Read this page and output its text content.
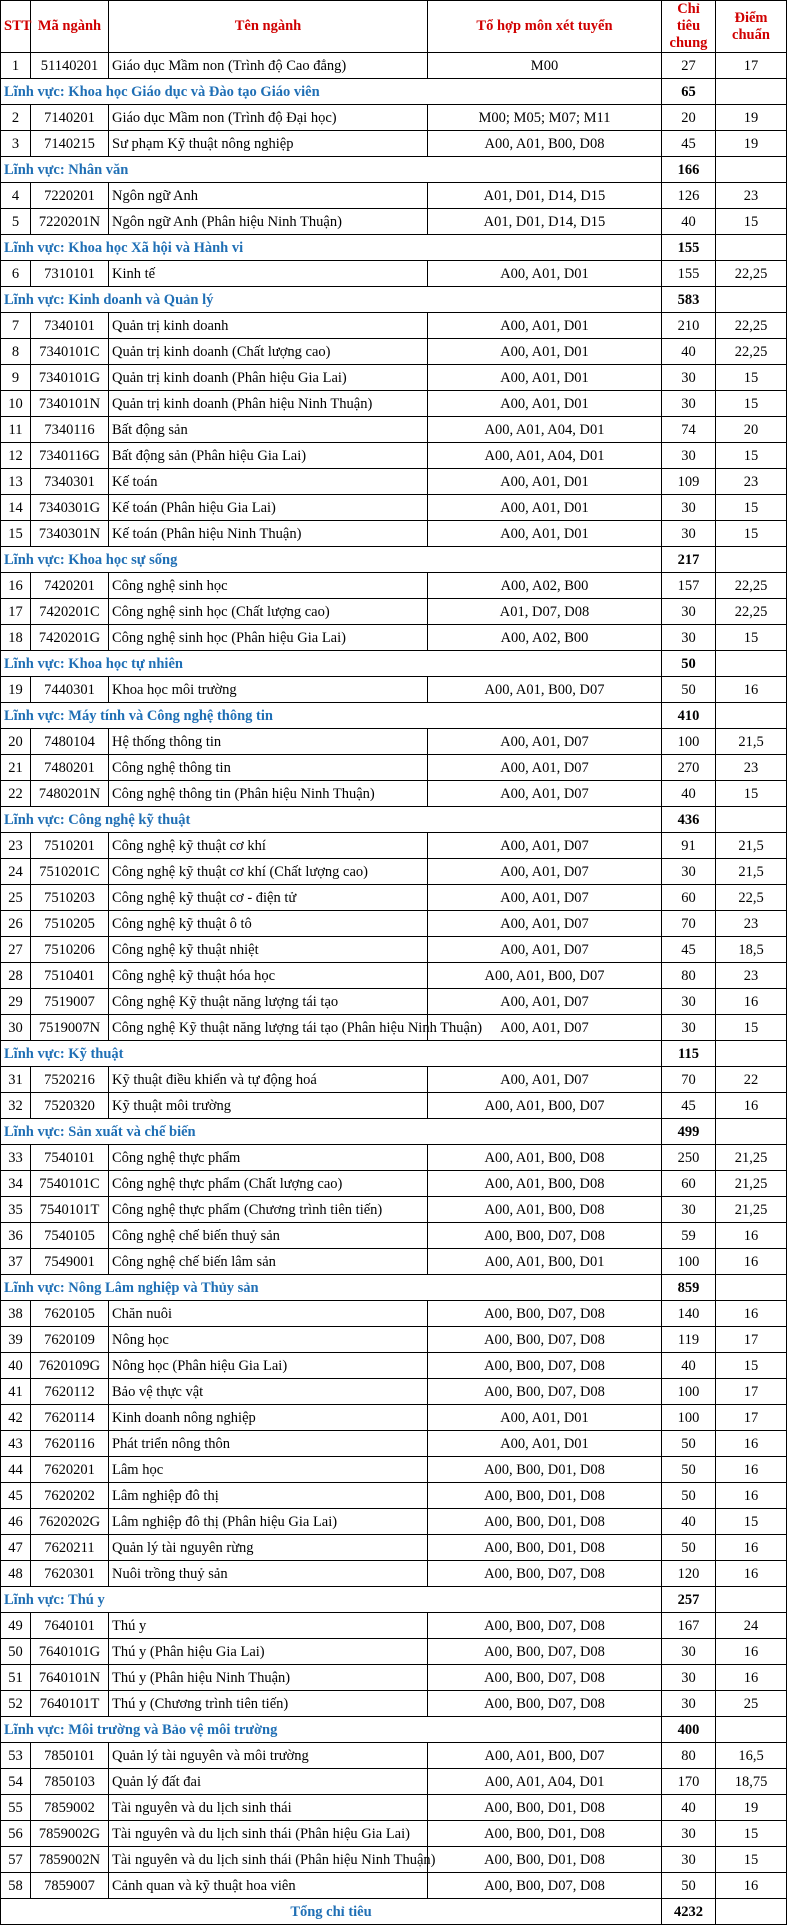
STT	Mã ngành	Tên ngành	Tổ hợp môn xét tuyển	Chỉ tiêu chung	Điểm chuẩn
1	51140201	Giáo dục Mầm non (Trình độ Cao đẳng)	M00	27	17
Lĩnh vực: Khoa học Giáo dục và Đào tạo Giáo viên				65	
2	7140201	Giáo dục Mầm non (Trình độ Đại học)	M00; M05; M07; M11	20	19
3	7140215	Sư phạm Kỹ thuật nông nghiệp	A00, A01, B00, D08	45	19
Lĩnh vực: Nhân văn				166	
4	7220201	Ngôn ngữ Anh	A01, D01, D14, D15	126	23
5	7220201N	Ngôn ngữ Anh (Phân hiệu Ninh Thuận)	A01, D01, D14, D15	40	15
Lĩnh vực: Khoa học Xã hội và Hành vi				155	
6	7310101	Kinh tế	A00, A01, D01	155	22,25
Lĩnh vực: Kinh doanh và Quản lý				583	
7	7340101	Quản trị kinh doanh	A00, A01, D01	210	22,25
8	7340101C	Quản trị kinh doanh (Chất lượng cao)	A00, A01, D01	40	22,25
9	7340101G	Quản trị kinh doanh (Phân hiệu Gia Lai)	A00, A01, D01	30	15
10	7340101N	Quản trị kinh doanh (Phân hiệu Ninh Thuận)	A00, A01, D01	30	15
11	7340116	Bất động sản	A00, A01, A04, D01	74	20
12	7340116G	Bất động sản (Phân hiệu Gia Lai)	A00, A01, A04, D01	30	15
13	7340301	Kế toán	A00, A01, D01	109	23
14	7340301G	Kế toán (Phân hiệu Gia Lai)	A00, A01, D01	30	15
15	7340301N	Kế toán (Phân hiệu Ninh Thuận)	A00, A01, D01	30	15
Lĩnh vực: Khoa học sự sống				217	
16	7420201	Công nghệ sinh học	A00, A02, B00	157	22,25
17	7420201C	Công nghệ sinh học (Chất lượng cao)	A01, D07, D08	30	22,25
18	7420201G	Công nghệ sinh học (Phân hiệu Gia Lai)	A00, A02, B00	30	15
Lĩnh vực: Khoa học tự nhiên				50	
19	7440301	Khoa học môi trường	A00, A01, B00, D07	50	16
Lĩnh vực: Máy tính và Công nghệ thông tin				410	
20	7480104	Hệ thống thông tin	A00, A01, D07	100	21,5
21	7480201	Công nghệ thông tin	A00, A01, D07	270	23
22	7480201N	Công nghệ thông tin (Phân hiệu Ninh Thuận)	A00, A01, D07	40	15
Lĩnh vực: Công nghệ kỹ thuật				436	
23	7510201	Công nghệ kỹ thuật cơ khí	A00, A01, D07	91	21,5
24	7510201C	Công nghệ kỹ thuật cơ khí (Chất lượng cao)	A00, A01, D07	30	21,5
25	7510203	Công nghệ kỹ thuật cơ - điện tử	A00, A01, D07	60	22,5
26	7510205	Công nghệ kỹ thuật ô tô	A00, A01, D07	70	23
27	7510206	Công nghệ kỹ thuật nhiệt	A00, A01, D07	45	18,5
28	7510401	Công nghệ kỹ thuật hóa học	A00, A01, B00, D07	80	23
29	7519007	Công nghệ Kỹ thuật năng lượng tái tạo	A00, A01, D07	30	16
30	7519007N	Công nghệ Kỹ thuật năng lượng tái tạo (Phân hiệu Ninh Thuận)	A00, A01, D07	30	15
Lĩnh vực: Kỹ thuật				115	
31	7520216	Kỹ thuật điều khiển và tự động hoá	A00, A01, D07	70	22
32	7520320	Kỹ thuật môi trường	A00, A01, B00, D07	45	16
Lĩnh vực: Sản xuất và chế biến				499	
33	7540101	Công nghệ thực phẩm	A00, A01, B00, D08	250	21,25
34	7540101C	Công nghệ thực phẩm (Chất lượng cao)	A00, A01, B00, D08	60	21,25
35	7540101T	Công nghệ thực phẩm (Chương trình tiên tiến)	A00, A01, B00, D08	30	21,25
36	7540105	Công nghệ chế biến thuỷ sản	A00, B00, D07, D08	59	16
37	7549001	Công nghệ chế biến lâm sản	A00, A01, B00, D01	100	16
Lĩnh vực: Nông Lâm nghiệp và Thủy sản				859	
38	7620105	Chăn nuôi	A00, B00, D07, D08	140	16
39	7620109	Nông học	A00, B00, D07, D08	119	17
40	7620109G	Nông học (Phân hiệu Gia Lai)	A00, B00, D07, D08	40	15
41	7620112	Bảo vệ thực vật	A00, B00, D07, D08	100	17
42	7620114	Kinh doanh nông nghiệp	A00, A01, D01	100	17
43	7620116	Phát triển nông thôn	A00, A01, D01	50	16
44	7620201	Lâm học	A00, B00, D01, D08	50	16
45	7620202	Lâm nghiệp đô thị	A00, B00, D01, D08	50	16
46	7620202G	Lâm nghiệp đô thị (Phân hiệu Gia Lai)	A00, B00, D01, D08	40	15
47	7620211	Quản lý tài nguyên rừng	A00, B00, D01, D08	50	16
48	7620301	Nuôi trồng thuỷ sản	A00, B00, D07, D08	120	16
Lĩnh vực: Thú y				257	
49	7640101	Thú y	A00, B00, D07, D08	167	24
50	7640101G	Thú y (Phân hiệu Gia Lai)	A00, B00, D07, D08	30	16
51	7640101N	Thú y (Phân hiệu Ninh Thuận)	A00, B00, D07, D08	30	16
52	7640101T	Thú y (Chương trình tiên tiến)	A00, B00, D07, D08	30	25
Lĩnh vực: Môi trường và Bảo vệ môi trường				400	
53	7850101	Quản lý tài nguyên và môi trường	A00, A01, B00, D07	80	16,5
54	7850103	Quản lý đất đai	A00, A01, A04, D01	170	18,75
55	7859002	Tài nguyên và du lịch sinh thái	A00, B00, D01, D08	40	19
56	7859002G	Tài nguyên và du lịch sinh thái (Phân hiệu Gia Lai)	A00, B00, D01, D08	30	15
57	7859002N	Tài nguyên và du lịch sinh thái (Phân hiệu Ninh Thuận)	A00, B00, D01, D08	30	15
58	7859007	Cảnh quan và kỹ thuật hoa viên	A00, B00, D07, D08	50	16
Tổng chỉ tiêu				4232	
